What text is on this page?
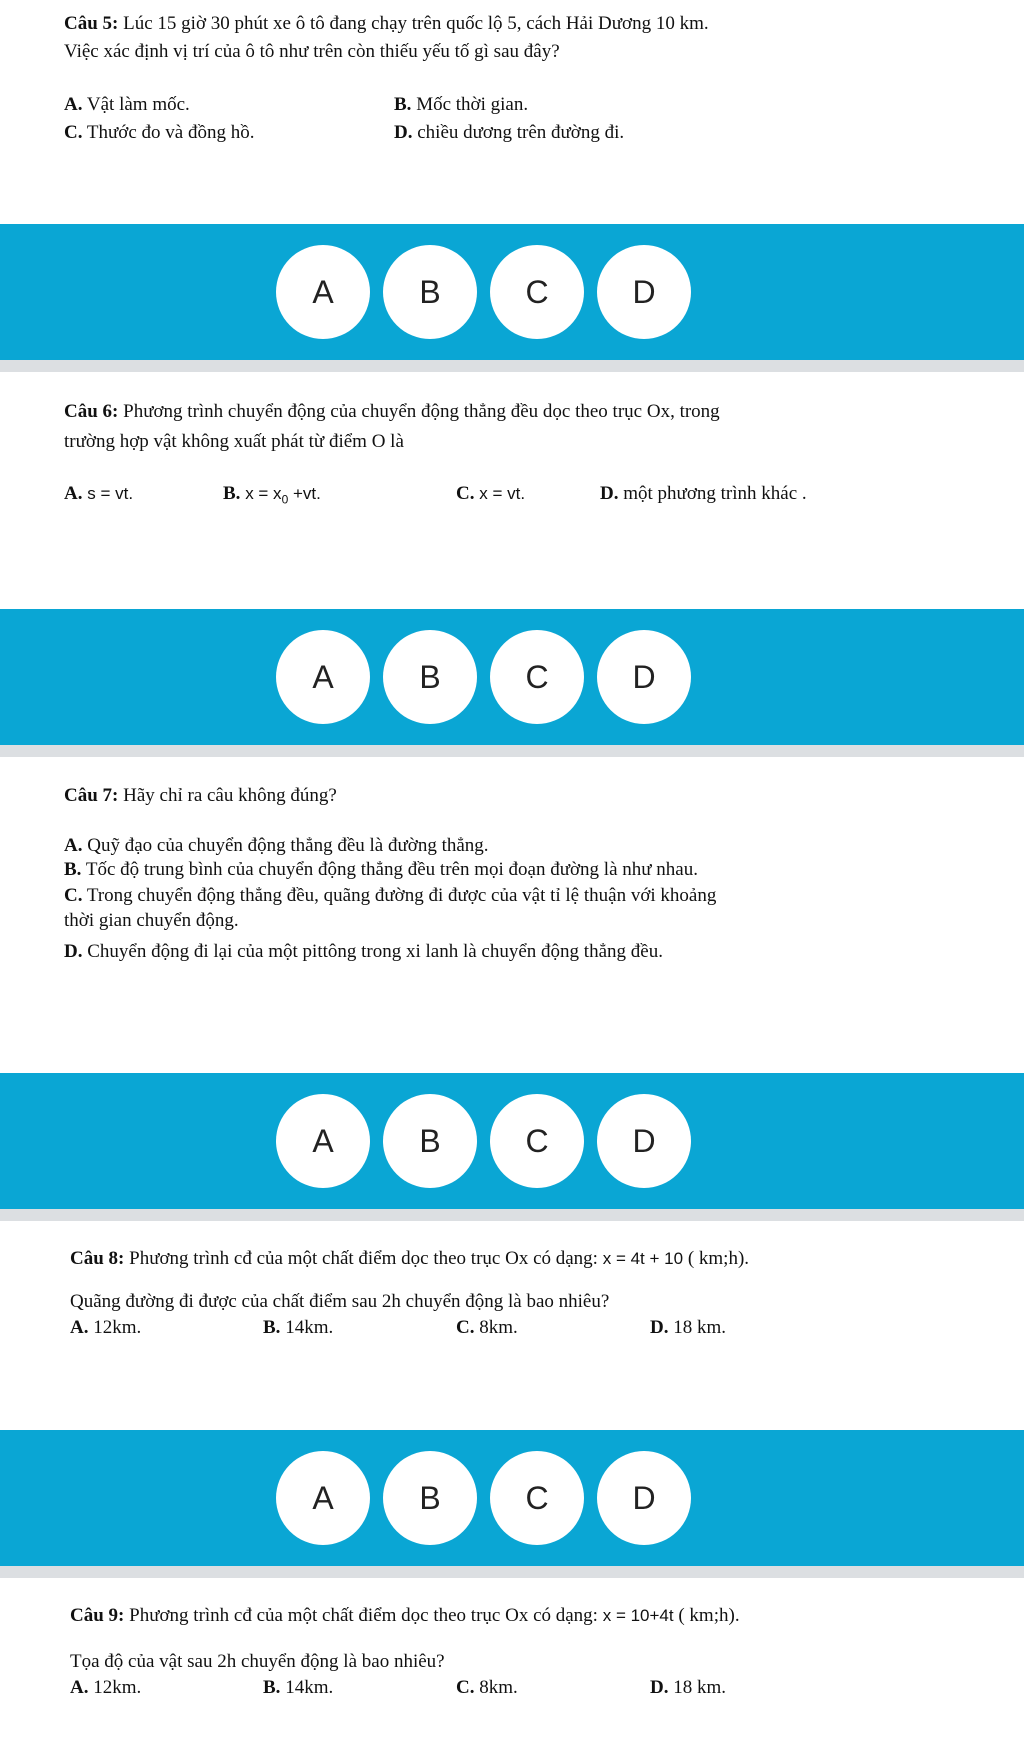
Câu 5: Lúc 15 giờ 30 phút xe ô tô đang chạy trên quốc lộ 5, cách Hải Dương 10 km.
Việc xác định vị trí của ô tô như trên còn thiếu yếu tố gì sau đây?
A. Vật làm mốc.	B. Mốc thời gian.
C. Thước đo và đồng hồ.	D. chiều dương trên đường đi.
A	B	C	D
Câu 6: Phương trình chuyển động của chuyển động thẳng đều dọc theo trục Ox, trong
trường hợp vật không xuất phát từ điểm O là
A. s = vt.	B. $x = x_0 +vt$.	C. x = vt.	D. một phương trình khác .
A	B	C	D
Câu 7: Hãy chỉ ra câu không đúng?
A. Quỹ đạo của chuyển động thẳng đều là đường thẳng.
B. Tốc độ trung bình của chuyển động thẳng đều trên mọi đoạn đường là như nhau.
C. Trong chuyển động thẳng đều, quãng đường đi được của vật tỉ lệ thuận với khoảng
thời gian chuyển động.
D. Chuyển động đi lại của một pittông trong xi lanh là chuyển động thẳng đều.
A	B	C	D
Câu 8: Phương trình cđ của một chất điểm dọc theo trục Ox có dạng: x = 4t + 10 ( km;h).
Quãng đường đi được của chất điểm sau 2h chuyển động là bao nhiêu?
A. 12km.	B. 14km.	C. 8km.	D. 18 km.
A	B	C	D
Câu 9: Phương trình cđ của một chất điểm dọc theo trục Ox có dạng: x = 10+4t ( km;h).
Tọa độ của vật sau 2h chuyển động là bao nhiêu?
A. 12km.	B. 14km.	C. 8km.	D. 18 km.
